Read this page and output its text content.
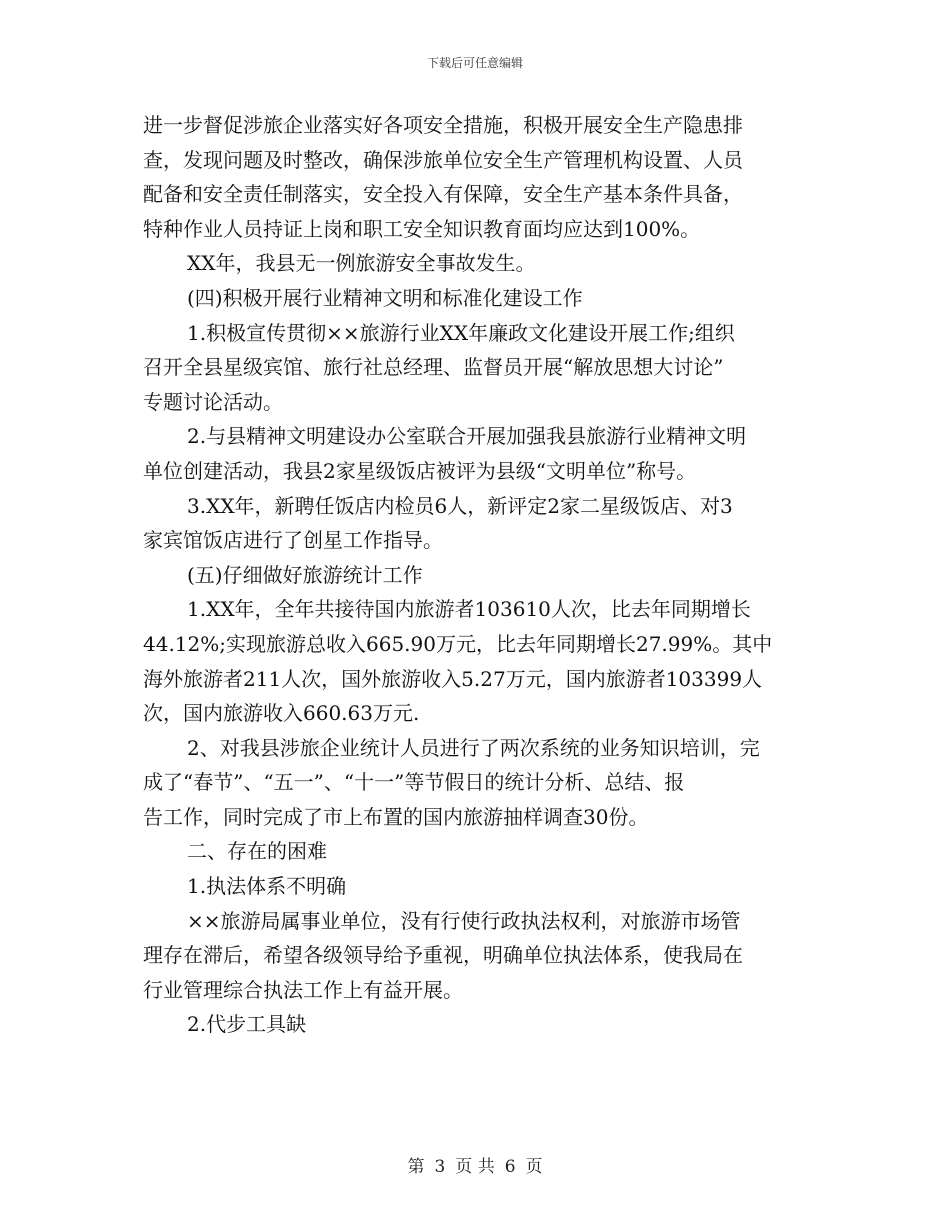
下载后可任意编辑
进一步督促涉旅企业落实好各项安全措施，积极开展安全生产隐患排
查，发现问题及时整改，确保涉旅单位安全生产管理机构设置、人员
配备和安全责任制落实，安全投入有保障，安全生产基本条件具备，
特种作业人员持证上岗和职工安全知识教育面均应达到100%。
XX年，我县无一例旅游安全事故发生。
(四)积极开展行业精神文明和标准化建设工作
1.积极宣传贯彻××旅游行业XX年廉政文化建设开展工作;组织
召开全县星级宾馆、旅行社总经理、监督员开展“解放思想大讨论”
专题讨论活动。
2.与县精神文明建设办公室联合开展加强我县旅游行业精神文明
单位创建活动，我县2家星级饭店被评为县级“文明单位”称号。
3.XX年，新聘任饭店内检员6人，新评定2家二星级饭店、对3
家宾馆饭店进行了创星工作指导。
(五)仔细做好旅游统计工作
1.XX年，全年共接待国内旅游者103610人次，比去年同期增长
44.12%;实现旅游总收入665.90万元，比去年同期增长27.99%。其中
海外旅游者211人次，国外旅游收入5.27万元，国内旅游者103399人
次，国内旅游收入660.63万元.
2、对我县涉旅企业统计人员进行了两次系统的业务知识培训，完
成了“春节”、“五一”、“十一”等节假日的统计分析、总结、报
告工作，同时完成了市上布置的国内旅游抽样调查30份。
二、存在的困难
1.执法体系不明确
××旅游局属事业单位，没有行使行政执法权利，对旅游市场管
理存在滞后，希望各级领导给予重视，明确单位执法体系，使我局在
行业管理综合执法工作上有益开展。
2.代步工具缺
第 3 页 共 6 页
